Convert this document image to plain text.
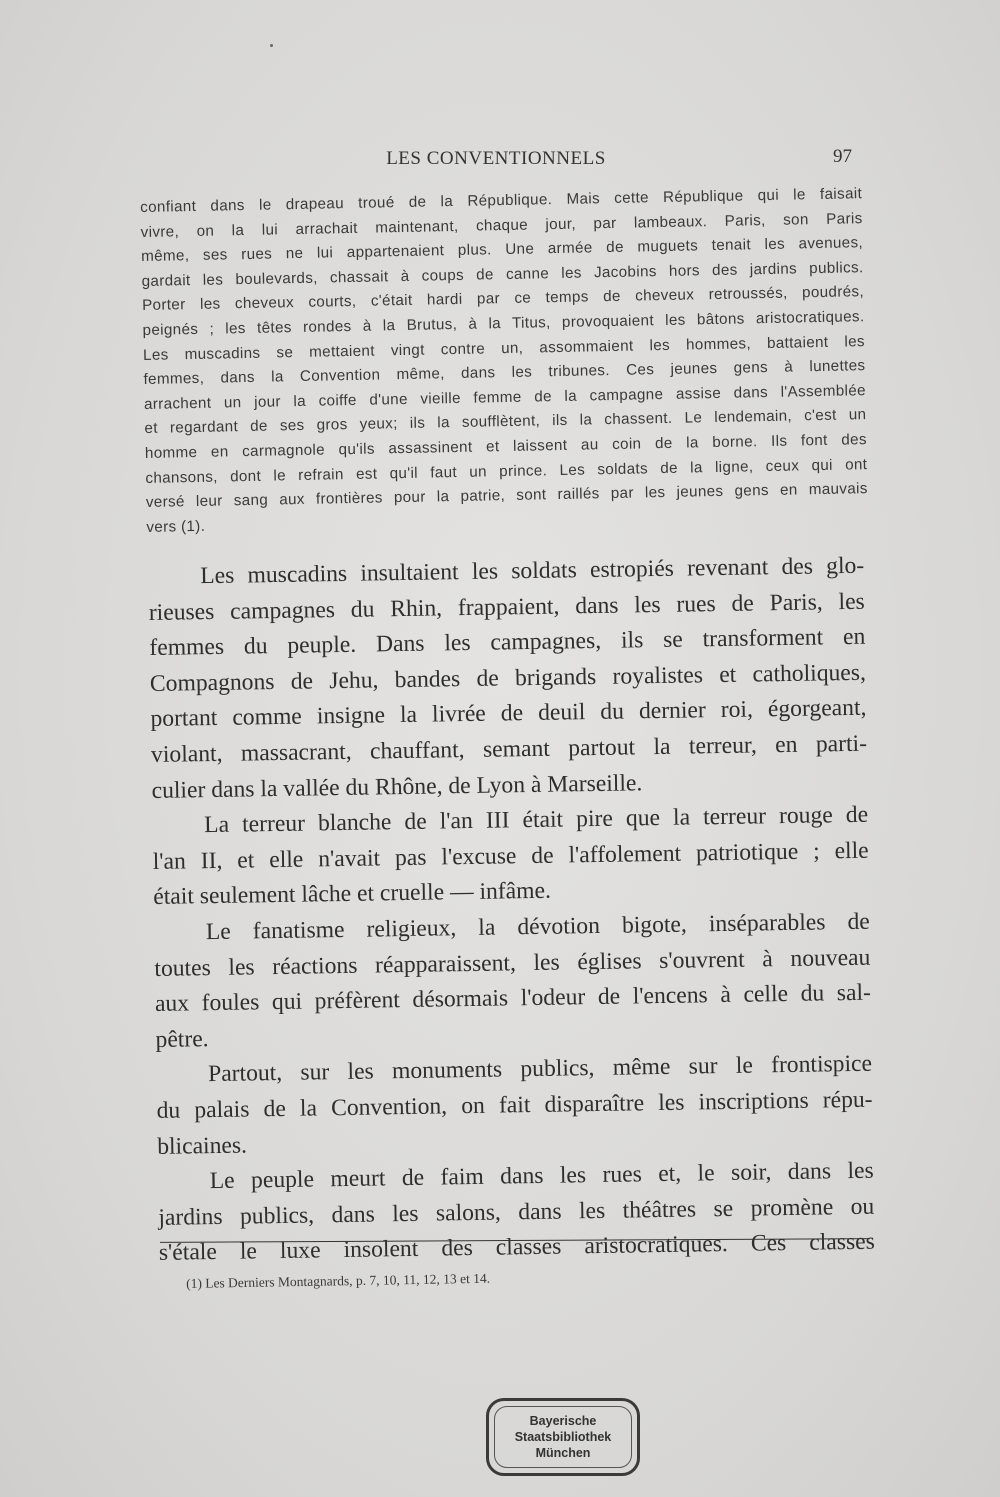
LES CONVENTIONNELS	97
confiant dans le drapeau troué de la République. Mais cette République qui le faisait
vivre, on la lui arrachait maintenant, chaque jour, par lambeaux. Paris, son Paris
même, ses rues ne lui appartenaient plus. Une armée de muguets tenait les avenues,
gardait les boulevards, chassait à coups de canne les Jacobins hors des jardins publics.
Porter les cheveux courts, c'était hardi par ce temps de cheveux retroussés, poudrés,
peignés ; les têtes rondes à la Brutus, à la Titus, provoquaient les bâtons aristocratiques.
Les muscadins se mettaient vingt contre un, assommaient les hommes, battaient les
femmes, dans la Convention même, dans les tribunes. Ces jeunes gens à lunettes
arrachent un jour la coiffe d'une vieille femme de la campagne assise dans l'Assemblée
et regardant de ses gros yeux; ils la soufflètent, ils la chassent. Le lendemain, c'est un
homme en carmagnole qu'ils assassinent et laissent au coin de la borne. Ils font des
chansons, dont le refrain est qu'il faut un prince. Les soldats de la ligne, ceux qui ont
versé leur sang aux frontières pour la patrie, sont raillés par les jeunes gens en mauvais
vers (1).
Les muscadins insultaient les soldats estropiés revenant des glo-
rieuses campagnes du Rhin, frappaient, dans les rues de Paris, les
femmes du peuple. Dans les campagnes, ils se transforment en
Compagnons de Jehu, bandes de brigands royalistes et catholiques,
portant comme insigne la livrée de deuil du dernier roi, égorgeant,
violant, massacrant, chauffant, semant partout la terreur, en parti-
culier dans la vallée du Rhône, de Lyon à Marseille.
La terreur blanche de l'an III était pire que la terreur rouge de
l'an II, et elle n'avait pas l'excuse de l'affolement patriotique ; elle
était seulement lâche et cruelle — infâme.
Le fanatisme religieux, la dévotion bigote, inséparables de
toutes les réactions réapparaissent, les églises s'ouvrent à nouveau
aux foules qui préfèrent désormais l'odeur de l'encens à celle du sal-
pêtre.
Partout, sur les monuments publics, même sur le frontispice
du palais de la Convention, on fait disparaître les inscriptions répu-
blicaines.
Le peuple meurt de faim dans les rues et, le soir, dans les
jardins publics, dans les salons, dans les théâtres se promène ou
s'étale le luxe insolent des classes aristocratiques. Ces classes
(1) Les Derniers Montagnards, p. 7, 10, 11, 12, 13 et 14.
Bayerische
Staatsbibliothek
München
